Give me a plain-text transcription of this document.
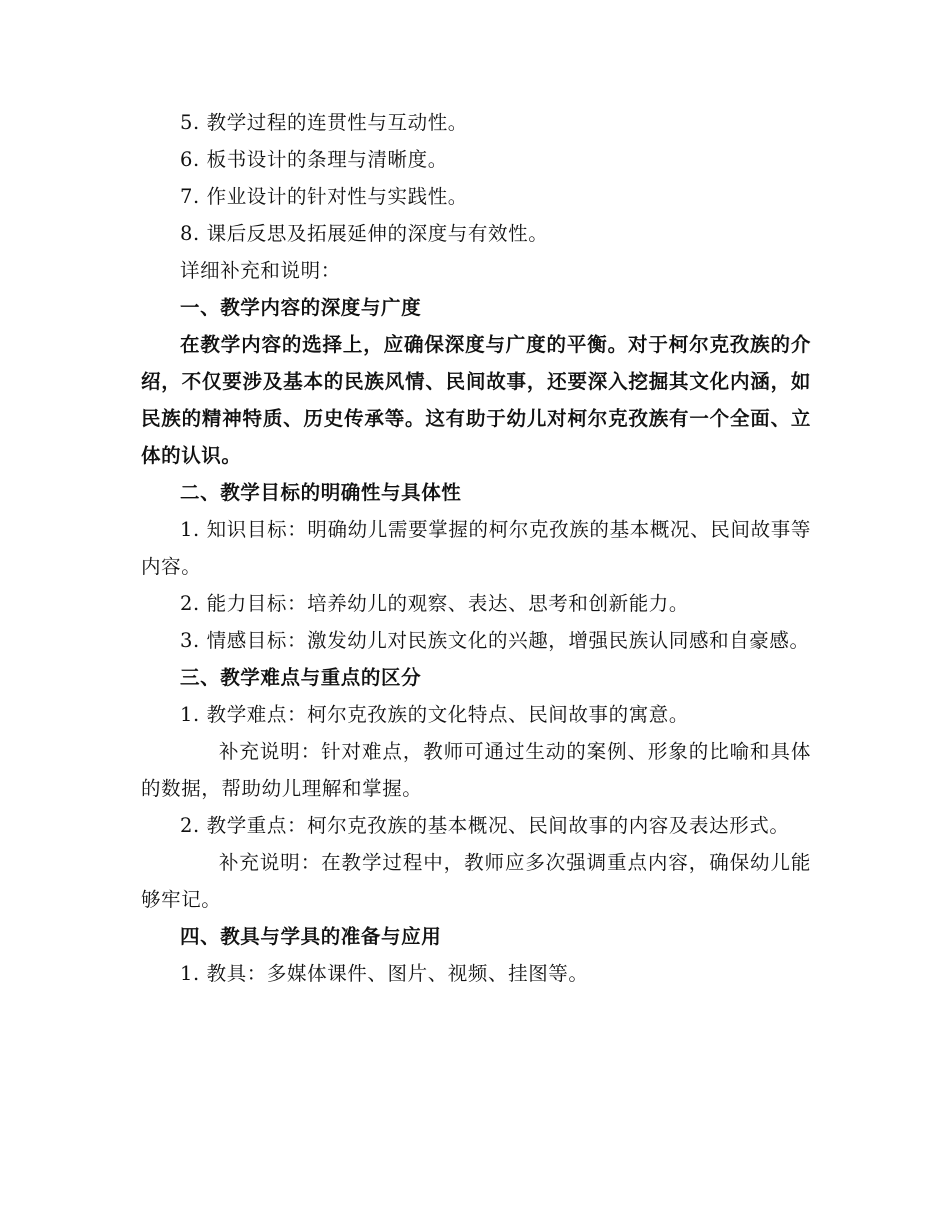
5. 教学过程的连贯性与互动性。

6. 板书设计的条理与清晰度。

7. 作业设计的针对性与实践性。

8. 课后反思及拓展延伸的深度与有效性。

详细补充和说明：

一、教学内容的深度与广度

在教学内容的选择上，应确保深度与广度的平衡。对于柯尔克孜族的介绍，不仅要涉及基本的民族风情、民间故事，还要深入挖掘其文化内涵，如民族的精神特质、历史传承等。这有助于幼儿对柯尔克孜族有一个全面、立体的认识。

二、教学目标的明确性与具体性

1. 知识目标：明确幼儿需要掌握的柯尔克孜族的基本概况、民间故事等内容。

2. 能力目标：培养幼儿的观察、表达、思考和创新能力。

3. 情感目标：激发幼儿对民族文化的兴趣，增强民族认同感和自豪感。

三、教学难点与重点的区分

1. 教学难点：柯尔克孜族的文化特点、民间故事的寓意。

补充说明：针对难点，教师可通过生动的案例、形象的比喻和具体的数据，帮助幼儿理解和掌握。

2. 教学重点：柯尔克孜族的基本概况、民间故事的内容及表达形式。

补充说明：在教学过程中，教师应多次强调重点内容，确保幼儿能够牢记。

四、教具与学具的准备与应用

1. 教具：多媒体课件、图片、视频、挂图等。
